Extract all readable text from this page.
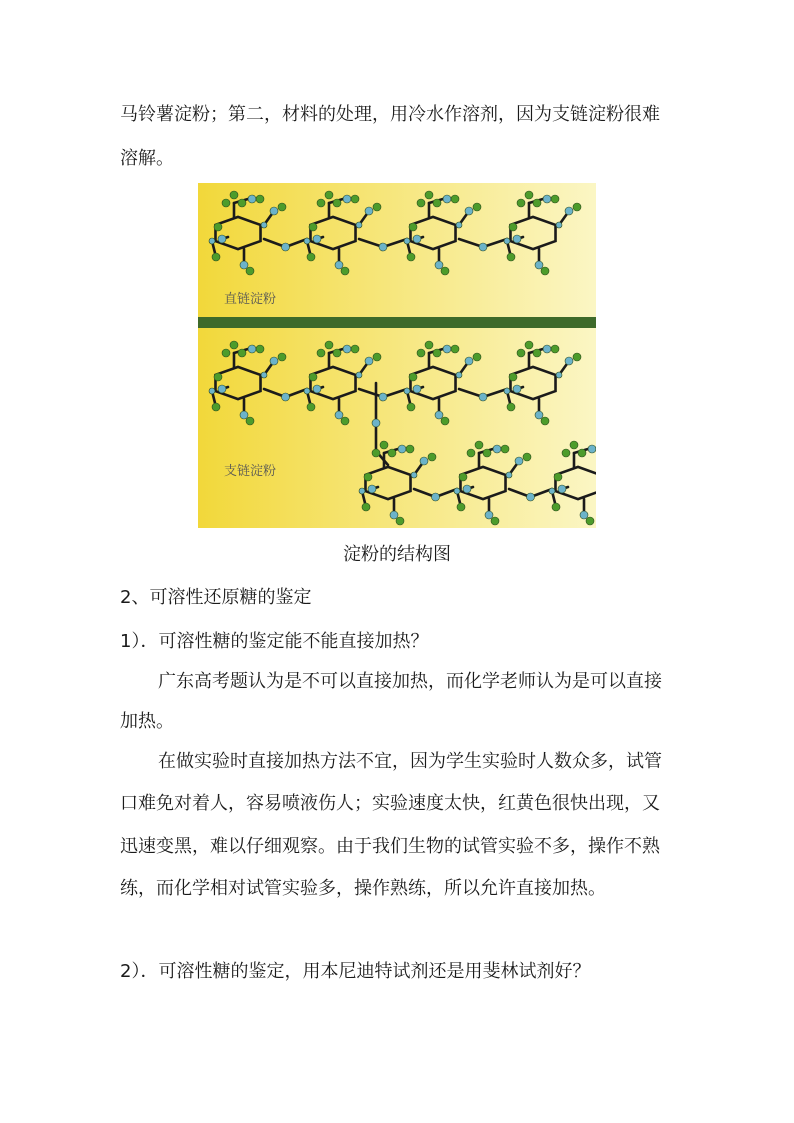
马铃薯淀粉；第二，材料的处理，用冷水作溶剂，因为支链淀粉很难

溶解。

直链淀粉
支链淀粉

淀粉的结构图

2、可溶性还原糖的鉴定

1）．可溶性糖的鉴定能不能直接加热？

广东高考题认为是不可以直接加热，而化学老师认为是可以直接

加热。

在做实验时直接加热方法不宜，因为学生实验时人数众多，试管

口难免对着人，容易喷液伤人；实验速度太快，红黄色很快出现，又

迅速变黑，难以仔细观察。由于我们生物的试管实验不多，操作不熟

练，而化学相对试管实验多，操作熟练，所以允许直接加热。

2）．可溶性糖的鉴定，用本尼迪特试剂还是用斐林试剂好？
